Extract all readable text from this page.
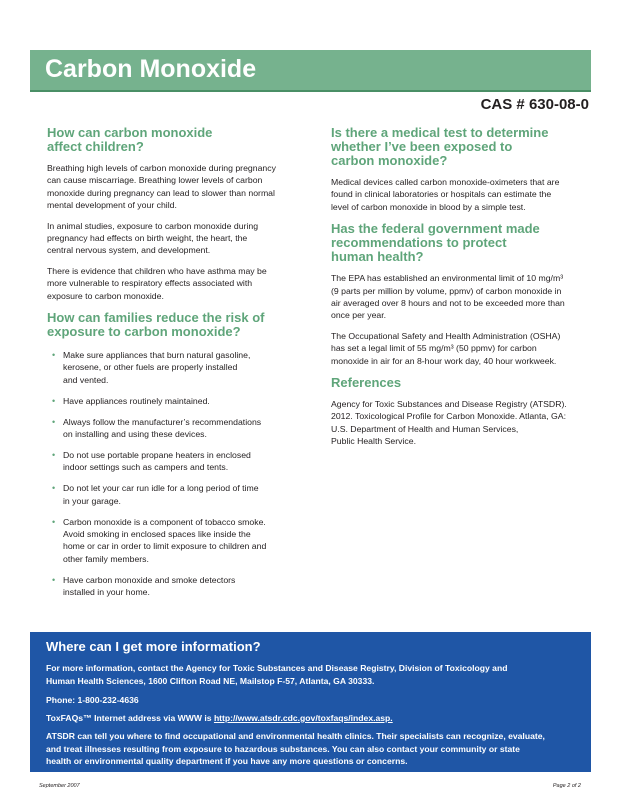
Carbon Monoxide
CAS # 630-08-0
How can carbon monoxide
affect children?

Breathing high levels of carbon monoxide during pregnancy
can cause miscarriage. Breathing lower levels of carbon
monoxide during pregnancy can lead to slower than normal
mental development of your child.

In animal studies, exposure to carbon monoxide during
pregnancy had effects on birth weight, the heart, the
central nervous system, and development.

There is evidence that children who have asthma may be
more vulnerable to respiratory effects associated with
exposure to carbon monoxide.

How can families reduce the risk of
exposure to carbon monoxide?
• Make sure appliances that burn natural gasoline,
kerosene, or other fuels are properly installed
and vented.
• Have appliances routinely maintained.
• Always follow the manufacturer’s recommendations
on installing and using these devices.
• Do not use portable propane heaters in enclosed
indoor settings such as campers and tents.
• Do not let your car run idle for a long period of time
in your garage.
• Carbon monoxide is a component of tobacco smoke.
Avoid smoking in enclosed spaces like inside the
home or car in order to limit exposure to children and
other family members.
• Have carbon monoxide and smoke detectors
installed in your home.
Is there a medical test to determine
whether I’ve been exposed to
carbon monoxide?

Medical devices called carbon monoxide-oximeters that are
found in clinical laboratories or hospitals can estimate the
level of carbon monoxide in blood by a simple test.

Has the federal government made
recommendations to protect
human health?

The EPA has established an environmental limit of 10 mg/m³
(9 parts per million by volume, ppmv) of carbon monoxide in
air averaged over 8 hours and not to be exceeded more than
once per year.

The Occupational Safety and Health Administration (OSHA)
has set a legal limit of 55 mg/m³ (50 ppmv) for carbon
monoxide in air for an 8-hour work day, 40 hour workweek.

References

Agency for Toxic Substances and Disease Registry (ATSDR).
2012. Toxicological Profile for Carbon Monoxide. Atlanta, GA:
U.S. Department of Health and Human Services,
Public Health Service.

Where can I get more information?
For more information, contact the Agency for Toxic Substances and Disease Registry, Division of Toxicology and
Human Health Sciences, 1600 Clifton Road NE, Mailstop F-57, Atlanta, GA 30333.
Phone: 1-800-232-4636
ToxFAQs™ Internet address via WWW is http://www.atsdr.cdc.gov/toxfaqs/index.asp.
ATSDR can tell you where to find occupational and environmental health clinics. Their specialists can recognize, evaluate,
and treat illnesses resulting from exposure to hazardous substances. You can also contact your community or state
health or environmental quality department if you have any more questions or concerns.
September 2007	Page 2 of 2
